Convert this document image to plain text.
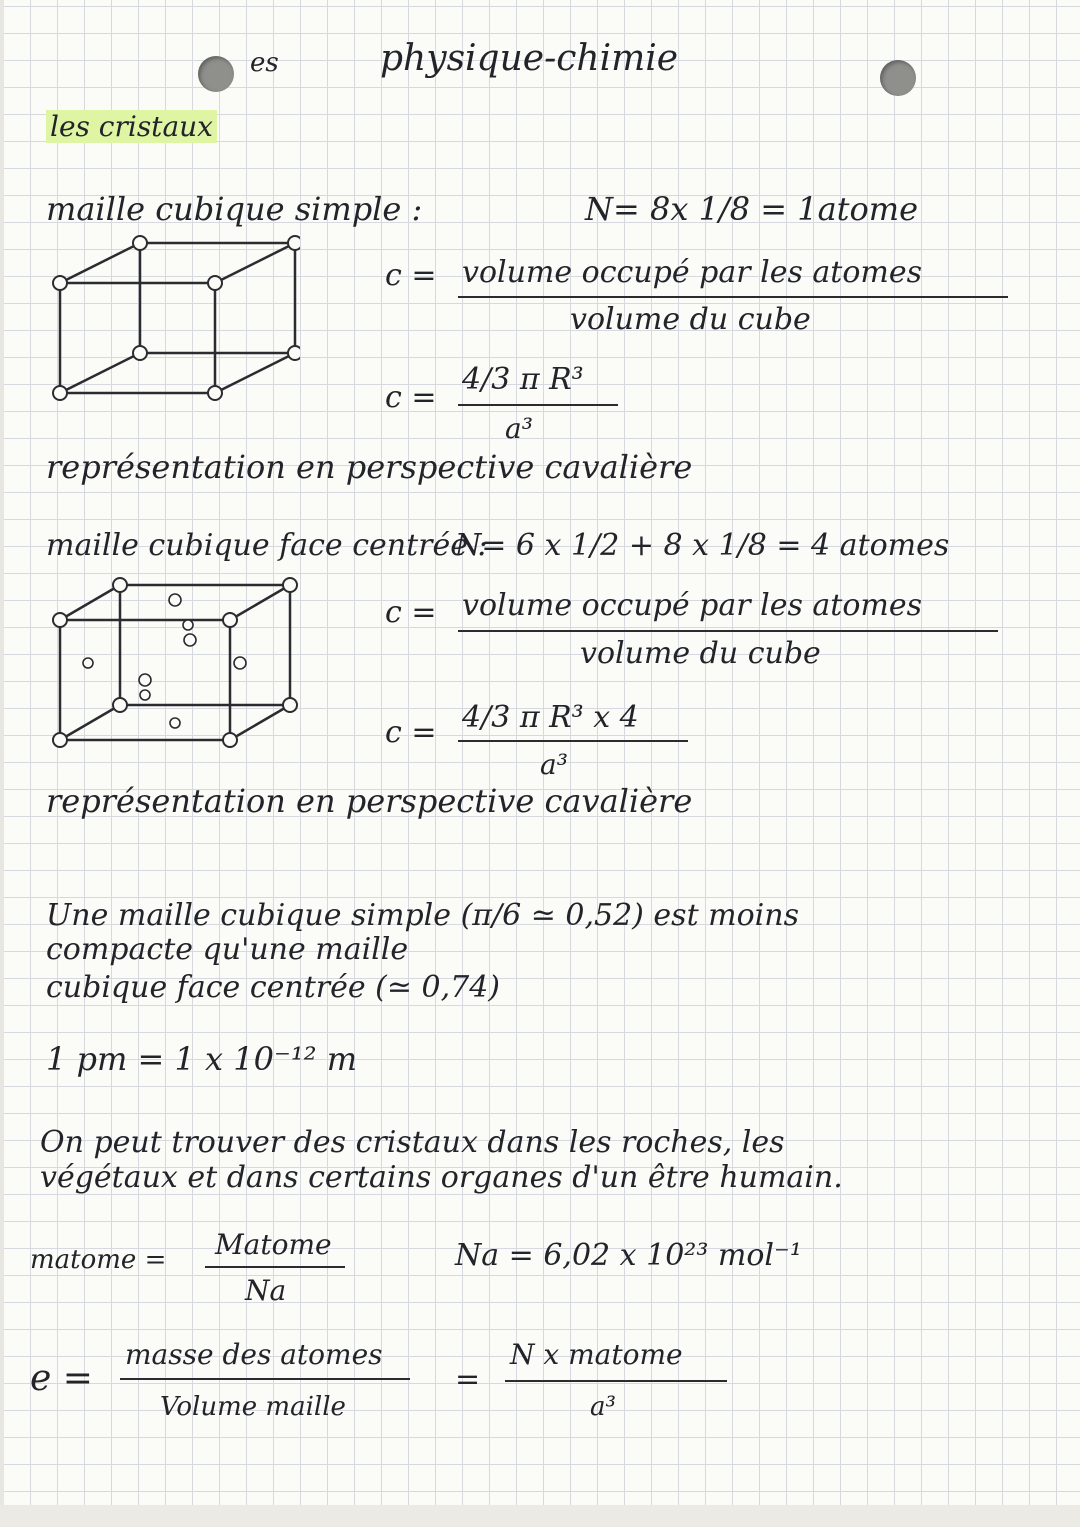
es	physique-chimie
les cristaux
maille cubique simple :	N= 8x 1/8 = 1atome
c = volume occupé par les atomes
volume du cube
c =
4/3 π R³
a³
représentation en perspective cavalière
maille cubique face centrée :
N= 6 x 1/2 + 8 x 1/8 = 4 atomes
c = volume occupé par les atomes
volume du cube
c = 4/3 π R³ x 4
a³
représentation en perspective cavalière
Une maille cubique simple (π/6 ≃ 0,52) est moins
compacte qu'une maille
cubique face centrée (≃ 0,74)
1 pm = 1 x 10⁻¹² m
On peut trouver des cristaux dans les roches, les
végétaux et dans certains organes d'un être humain.
matome = Matome
Na
Na = 6,02 x 10²³ mol⁻¹
e =
masse des atomes
Volume maille
=
N x matome
a³
